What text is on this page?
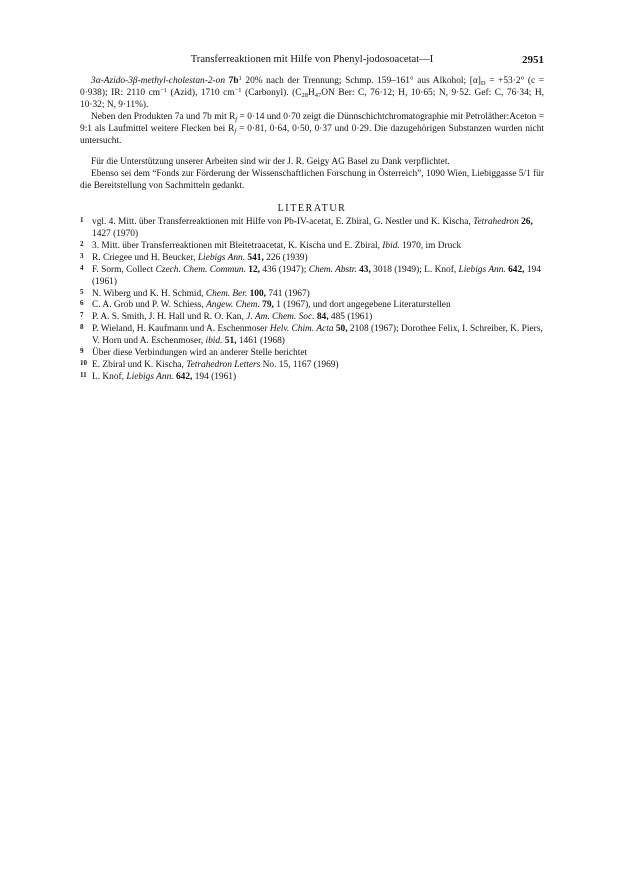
Transferreaktionen mit Hilfe von Phenyl-jodosoacetat—I	2951

3α-Azido-3β-methyl-cholestan-2-on 7b$^1$ 20% nach der Trennung; Schmp. 159–161° aus Alkohol; $[\alpha]_D = +53\cdot 2^\circ$ (c = 0·938); IR: 2110 cm$^{-1}$ (Azid), 1710 cm$^{-1}$ (Carbonyl). ($C_{28}H_{47}ON$ Ber: C, 76·12; H, 10·65; N, 9·52. Gef: C, 76·34; H, 10·32; N, 9·11%).

Neben den Produkten 7a und 7b mit $R_f = 0\cdot 14$ und 0·70 zeigt die Dünnschichtchromatographie mit Petroläther:Aceton = 9:1 als Laufmittel weitere Flecken bei $R_f = 0\cdot 81$, 0·64, 0·50, 0·37 und 0·29. Die dazugehörigen Substanzen wurden nicht untersucht.

Für die Unterstützung unserer Arbeiten sind wir der J. R. Geigy AG Basel zu Dank verpflichtet.

Ebenso sei dem “Fonds zur Förderung der Wissenschaftlichen Forschung in Österreich”, 1090 Wien, Liebiggasse 5/1 für die Bereitstellung von Sachmitteln gedankt.

LITERATUR
1 vgl. 4. Mitt. über Transferreaktionen mit Hilfe von Pb-IV-acetat, E. Zbiral, G. Nestler und K. Kischa, Tetrahedron 26, 1427 (1970)
2 3. Mitt. über Transferreaktionen mit Bleitetraacetat, K. Kischa und E. Zbiral, Ibid. 1970, im Druck
3 R. Criegee und H. Beucker, Liebigs Ann. 541, 226 (1939)
4 F. Sorm, Collect Czech. Chem. Commun. 12, 436 (1947); Chem. Abstr. 43, 3018 (1949); L. Knof, Liebigs Ann. 642, 194 (1961)
5 N. Wiberg und K. H. Schmid, Chem. Ber. 100, 741 (1967)
6 C. A. Grob und P. W. Schiess, Angew. Chem. 79, 1 (1967), und dort angegebene Literaturstellen
7 P. A. S. Smith, J. H. Hall und R. O. Kan, J. Am. Chem. Soc. 84, 485 (1961)
8 P. Wieland, H. Kaufmann und A. Eschenmoser Helv. Chim. Acta 50, 2108 (1967); Dorothee Felix, I. Schreiber, K. Piers, V. Horn und A. Eschenmoser, ibid. 51, 1461 (1968)
9 Über diese Verbindungen wird an anderer Stelle berichtet
10 E. Zbiral und K. Kischa, Tetrahedron Letters No. 15, 1167 (1969)
11 L. Knof, Liebigs Ann. 642, 194 (1961)
